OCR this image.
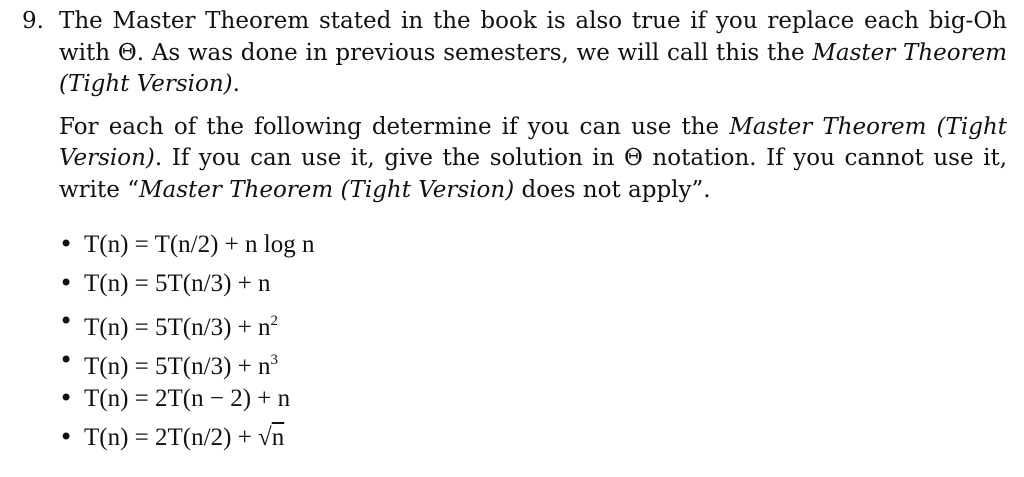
9. The Master Theorem stated in the book is also true if you replace each big-Oh with Θ. As was done in previous semesters, we will call this the Master Theorem (Tight Version).
For each of the following determine if you can use the Master Theorem (Tight Version). If you can use it, give the solution in Θ notation. If you cannot use it, write “Master Theorem (Tight Version) does not apply”.
• T(n) = T(n/2) + n log n
• T(n) = 5T(n/3) + n
• $T(n) = 5T(n/3) + n^2$
• $T(n) = 5T(n/3) + n^3$
• T(n) = 2T(n − 2) + n
• T(n) = 2T(n/2) + √n
